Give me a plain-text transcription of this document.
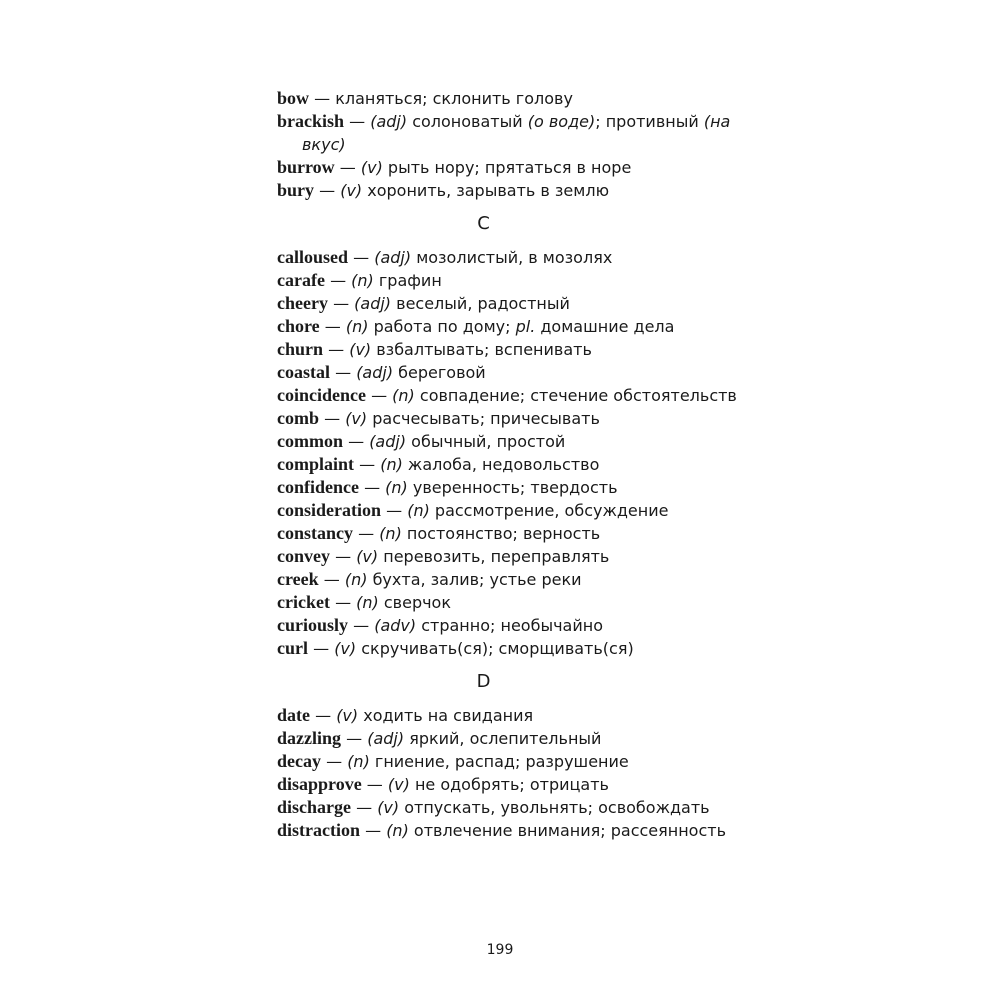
bow — кланяться; склонить голову
brackish — (adj) солоноватый (о воде); противный (на вкус)
burrow — (v) рыть нору; прятаться в норе
bury — (v) хоронить, зарывать в землю
C
calloused — (adj) мозолистый, в мозолях
carafe — (n) графин
cheery — (adj) веселый, радостный
chore — (n) работа по дому; pl. домашние дела
churn — (v) взбалтывать; вспенивать
coastal — (adj) береговой
coincidence — (n) совпадение; стечение обстоятельств
comb — (v) расчесывать; причесывать
common — (adj) обычный, простой
complaint — (n) жалоба, недовольство
confidence — (n) уверенность; твердость
consideration — (n) рассмотрение, обсуждение
constancy — (n) постоянство; верность
convey — (v) перевозить, переправлять
creek — (n) бухта, залив; устье реки
cricket — (n) сверчок
curiously — (adv) странно; необычайно
curl — (v) скручивать(ся); сморщивать(ся)
D
date — (v) ходить на свидания
dazzling — (adj) яркий, ослепительный
decay — (n) гниение, распад; разрушение
disapprove — (v) не одобрять; отрицать
discharge — (v) отпускать, увольнять; освобождать
distraction — (n) отвлечение внимания; рассеянность
199
